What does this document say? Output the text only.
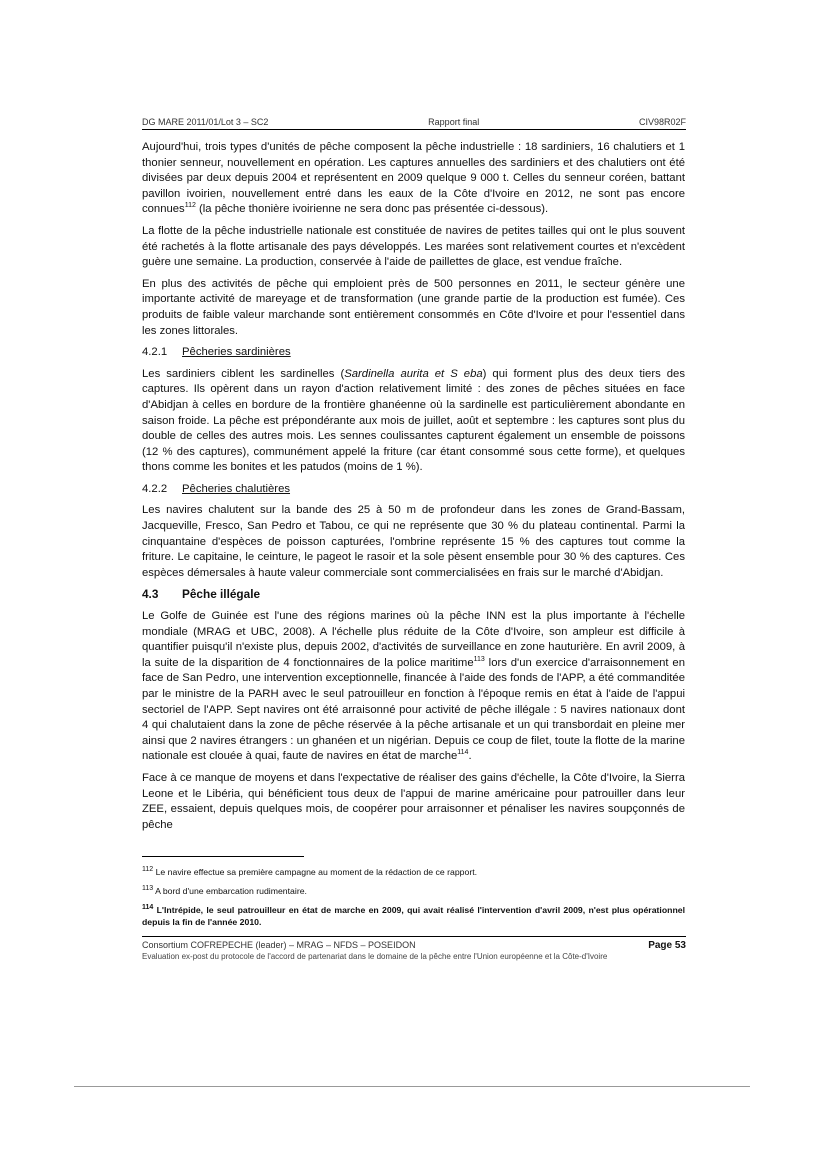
DG MARE 2011/01/Lot 3 – SC2	Rapport final	CIV98R02F

Aujourd'hui, trois types d'unités de pêche composent la pêche industrielle : 18 sardiniers, 16 chalutiers et 1 thonier senneur, nouvellement en opération. Les captures annuelles des sardiniers et des chalutiers ont été divisées par deux depuis 2004 et représentent en 2009 quelque 9 000 t. Celles du senneur coréen, battant pavillon ivoirien, nouvellement entré dans les eaux de la Côte d'Ivoire en 2012, ne sont pas encore connues$^{112}$ (la pêche thonière ivoirienne ne sera donc pas présentée ci-dessous).

La flotte de la pêche industrielle nationale est constituée de navires de petites tailles qui ont le plus souvent été rachetés à la flotte artisanale des pays développés. Les marées sont relativement courtes et n'excèdent guère une semaine. La production, conservée à l'aide de paillettes de glace, est vendue fraîche.

En plus des activités de pêche qui emploient près de 500 personnes en 2011, le secteur génère une importante activité de mareyage et de transformation (une grande partie de la production est fumée). Ces produits de faible valeur marchande sont entièrement consommés en Côte d'Ivoire et pour l'essentiel dans les zones littorales.

4.2.1	Pêcheries sardinières

Les sardiniers ciblent les sardinelles (Sardinella aurita et S eba) qui forment plus des deux tiers des captures. Ils opèrent dans un rayon d'action relativement limité : des zones de pêches situées en face d'Abidjan à celles en bordure de la frontière ghanéenne où la sardinelle est particulièrement abondante en saison froide. La pêche est prépondérante aux mois de juillet, août et septembre : les captures sont plus du double de celles des autres mois. Les sennes coulissantes capturent également un ensemble de poissons (12 % des captures), communément appelé la friture (car étant consommé sous cette forme), et quelques thons comme les bonites et les patudos (moins de 1 %).

4.2.2	Pêcheries chalutières

Les navires chalutent sur la bande des 25 à 50 m de profondeur dans les zones de Grand-Bassam, Jacqueville, Fresco, San Pedro et Tabou, ce qui ne représente que 30 % du plateau continental. Parmi la cinquantaine d'espèces de poisson capturées, l'ombrine représente 15 % des captures tout comme la friture. Le capitaine, le ceinture, le pageot le rasoir et la sole pèsent ensemble pour 30 % des captures. Ces espèces démersales à haute valeur commerciale sont commercialisées en frais sur le marché d'Abidjan.

4.3	Pêche illégale

Le Golfe de Guinée est l'une des régions marines où la pêche INN est la plus importante à l'échelle mondiale (MRAG et UBC, 2008). A l'échelle plus réduite de la Côte d'Ivoire, son ampleur est difficile à quantifier puisqu'il n'existe plus, depuis 2002, d'activités de surveillance en zone hauturière. En avril 2009, à la suite de la disparition de 4 fonctionnaires de la police maritime$^{113}$ lors d'un exercice d'arraisonnement en face de San Pedro, une intervention exceptionnelle, financée à l'aide des fonds de l'APP, a été commanditée par le ministre de la PARH avec le seul patrouilleur en fonction à l'époque remis en état à l'aide de l'appui sectoriel de l'APP. Sept navires ont été arraisonné pour activité de pêche illégale : 5 navires nationaux dont 4 qui chalutaient dans la zone de pêche réservée à la pêche artisanale et un qui transbordait en pleine mer ainsi que 2 navires étrangers : un ghanéen et un nigérian. Depuis ce coup de filet, toute la flotte de la marine nationale est clouée à quai, faute de navires en état de marche$^{114}$.

Face à ce manque de moyens et dans l'expectative de réaliser des gains d'échelle, la Côte d'Ivoire, la Sierra Leone et le Libéria, qui bénéficient tous deux de l'appui de marine américaine pour patrouiller dans leur ZEE, essaient, depuis quelques mois, de coopérer pour arraisonner et pénaliser les navires soupçonnés de pêche

$^{112}$ Le navire effectue sa première campagne au moment de la rédaction de ce rapport.

$^{113}$ A bord d'une embarcation rudimentaire.

$^{114}$ L'Intrépide, le seul patrouilleur en état de marche en 2009, qui avait réalisé l'intervention d'avril 2009, n'est plus opérationnel depuis la fin de l'année 2010.

Consortium COFREPECHE (leader) – MRAG – NFDS – POSEIDON	Page 53
Evaluation ex-post du protocole de l'accord de partenariat dans le domaine de la pêche entre l'Union européenne et la Côte-d'Ivoire
